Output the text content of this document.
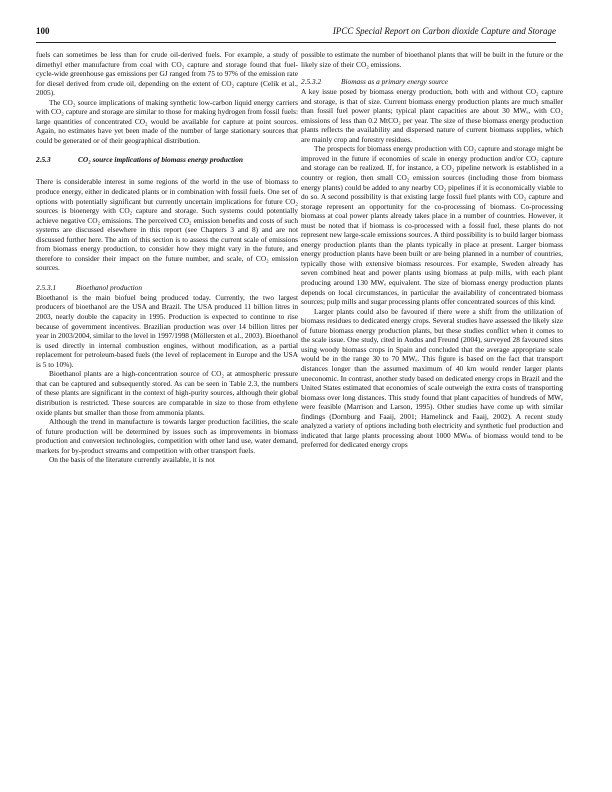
100	IPCC Special Report on Carbon dioxide Capture and Storage

fuels can sometimes be less than for crude oil-derived fuels. For example, a study of dimethyl ether manufacture from coal with CO₂ capture and storage found that fuel-cycle-wide greenhouse gas emissions per GJ ranged from 75 to 97% of the emission rate for diesel derived from crude oil, depending on the extent of CO₂ capture (Celik et al., 2005).

The CO₂ source implications of making synthetic low-carbon liquid energy carriers with CO₂ capture and storage are similar to those for making hydrogen from fossil fuels: large quantities of concentrated CO₂ would be available for capture at point sources. Again, no estimates have yet been made of the number of large stationary sources that could be generated or of their geographical distribution.

2.5.3	CO₂ source implications of biomass energy production

There is considerable interest in some regions of the world in the use of biomass to produce energy, either in dedicated plants or in combination with fossil fuels. One set of options with potentially significant but currently uncertain implications for future CO₂ sources is bioenergy with CO₂ capture and storage. Such systems could potentially achieve negative CO₂ emissions. The perceived CO₂ emission benefits and costs of such systems are discussed elsewhere in this report (see Chapters 3 and 8) and are not discussed further here. The aim of this section is to assess the current scale of emissions from biomass energy production, to consider how they might vary in the future, and therefore to consider their impact on the future number, and scale, of CO₂ emission sources.

2.5.3.1	Bioethanol production

Bioethanol is the main biofuel being produced today. Currently, the two largest producers of bioethanol are the USA and Brazil. The USA produced 11 billion litres in 2003, nearly double the capacity in 1995. Production is expected to continue to rise because of government incentives. Brazilian production was over 14 billion litres per year in 2003/2004, similar to the level in 1997/1998 (Möllersten et al., 2003). Bioethanol is used directly in internal combustion engines, without modification, as a partial replacement for petroleum-based fuels (the level of replacement in Europe and the USA is 5 to 10%).

Bioethanol plants are a high-concentration source of CO₂ at atmospheric pressure that can be captured and subsequently stored. As can be seen in Table 2.3, the numbers of these plants are significant in the context of high-purity sources, although their global distribution is restricted. These sources are comparable in size to those from ethylene oxide plants but smaller than those from ammonia plants.

Although the trend in manufacture is towards larger production facilities, the scale of future production will be determined by issues such as improvements in biomass production and conversion technologies, competition with other land use, water demand, markets for by-product streams and competition with other transport fuels.

On the basis of the literature currently available, it is not

possible to estimate the number of bioethanol plants that will be built in the future or the likely size of their CO₂ emissions.

2.5.3.2	Biomass as a primary energy source

A key issue posed by biomass energy production, both with and without CO₂ capture and storage, is that of size. Current biomass energy production plants are much smaller than fossil fuel power plants; typical plant capacities are about 30 MWₑ, with CO₂ emissions of less than 0.2 MtCO₂ per year. The size of these biomass energy production plants reflects the availability and dispersed nature of current biomass supplies, which are mainly crop and forestry residues.

The prospects for biomass energy production with CO₂ capture and storage might be improved in the future if economies of scale in energy production and/or CO₂ capture and storage can be realized. If, for instance, a CO₂ pipeline network is established in a country or region, then small CO₂ emission sources (including those from biomass energy plants) could be added to any nearby CO₂ pipelines if it is economically viable to do so. A second possibility is that existing large fossil fuel plants with CO₂ capture and storage represent an opportunity for the co-processing of biomass. Co-processing biomass at coal power plants already takes place in a number of countries. However, it must be noted that if biomass is co-processed with a fossil fuel, these plants do not represent new large-scale emissions sources. A third possibility is to build larger biomass energy production plants than the plants typically in place at present. Larger biomass energy production plants have been built or are being planned in a number of countries, typically those with extensive biomass resources. For example, Sweden already has seven combined heat and power plants using biomass at pulp mills, with each plant producing around 130 MWₑ equivalent. The size of biomass energy production plants depends on local circumstances, in particular the availability of concentrated biomass sources; pulp mills and sugar processing plants offer concentrated sources of this kind.

Larger plants could also be favoured if there were a shift from the utilization of biomass residues to dedicated energy crops. Several studies have assessed the likely size of future biomass energy production plants, but these studies conflict when it comes to the scale issue. One study, cited in Audus and Freund (2004), surveyed 28 favoured sites using woody biomass crops in Spain and concluded that the average appropriate scale would be in the range 30 to 70 MWₑ. This figure is based on the fact that transport distances longer than the assumed maximum of 40 km would render larger plants uneconomic. In contrast, another study based on dedicated energy crops in Brazil and the United States estimated that economies of scale outweigh the extra costs of transporting biomass over long distances. This study found that plant capacities of hundreds of MWₑ were feasible (Marrison and Larson, 1995). Other studies have come up with similar findings (Dornburg and Faaij, 2001; Hamelinck and Faaij, 2002). A recent study analyzed a variety of options including both electricity and synthetic fuel production and indicated that large plants processing about 1000 MWₜₕ of biomass would tend to be preferred for dedicated energy crops
